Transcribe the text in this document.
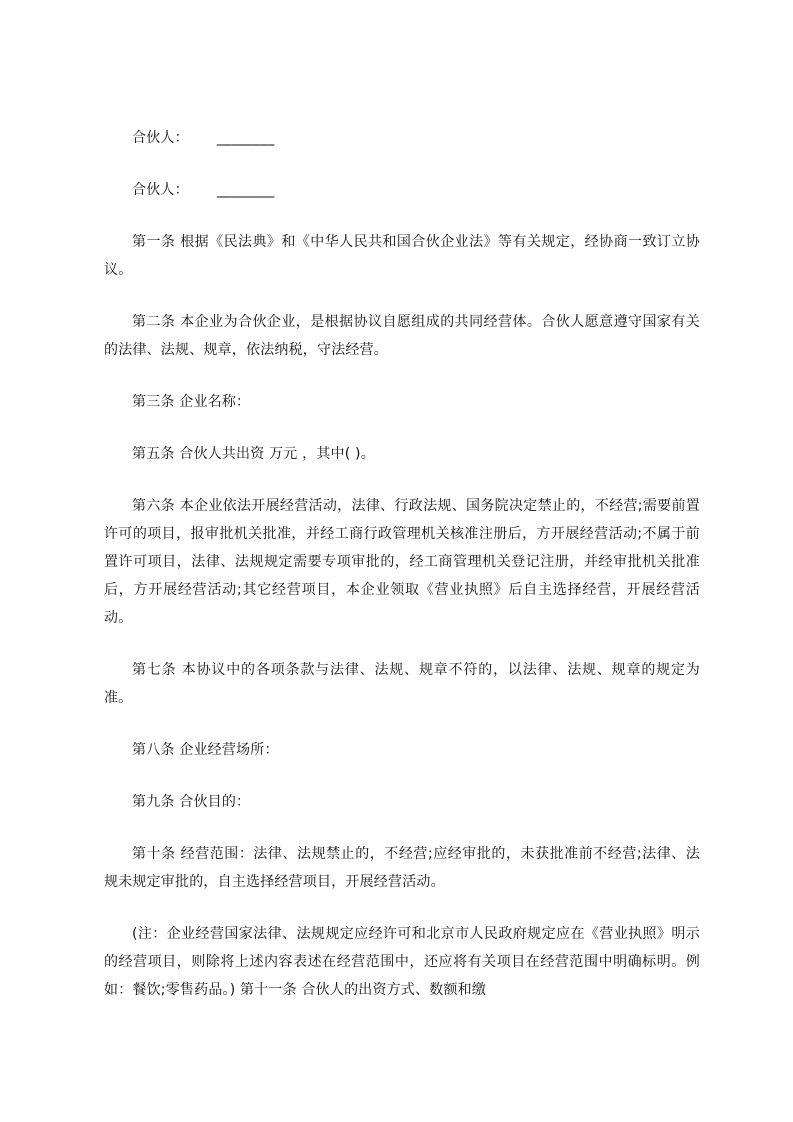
合伙人： ________

合伙人： ________

第一条 根据《民法典》和《中华人民共和国合伙企业法》等有关规定，经协商一致订立协议。

第二条 本企业为合伙企业，是根据协议自愿组成的共同经营体。合伙人愿意遵守国家有关的法律、法规、规章，依法纳税，守法经营。

第三条 企业名称：

第五条 合伙人共出资 万元 ，其中( )。

第六条 本企业依法开展经营活动，法律、行政法规、国务院决定禁止的，不经营;需要前置许可的项目，报审批机关批准，并经工商行政管理机关核准注册后，方开展经营活动;不属于前置许可项目，法律、法规规定需要专项审批的，经工商管理机关登记注册，并经审批机关批准后，方开展经营活动;其它经营项目，本企业领取《营业执照》后自主选择经营，开展经营活动。

第七条 本协议中的各项条款与法律、法规、规章不符的，以法律、法规、规章的规定为准。

第八条 企业经营场所：

第九条 合伙目的：

第十条 经营范围：法律、法规禁止的，不经营;应经审批的，未获批准前不经营;法律、法规未规定审批的，自主选择经营项目，开展经营活动。

(注：企业经营国家法律、法规规定应经许可和北京市人民政府规定应在《营业执照》明示的经营项目，则除将上述内容表述在经营范围中，还应将有关项目在经营范围中明确标明。例如：餐饮;零售药品。) 第十一条 合伙人的出资方式、数额和缴
